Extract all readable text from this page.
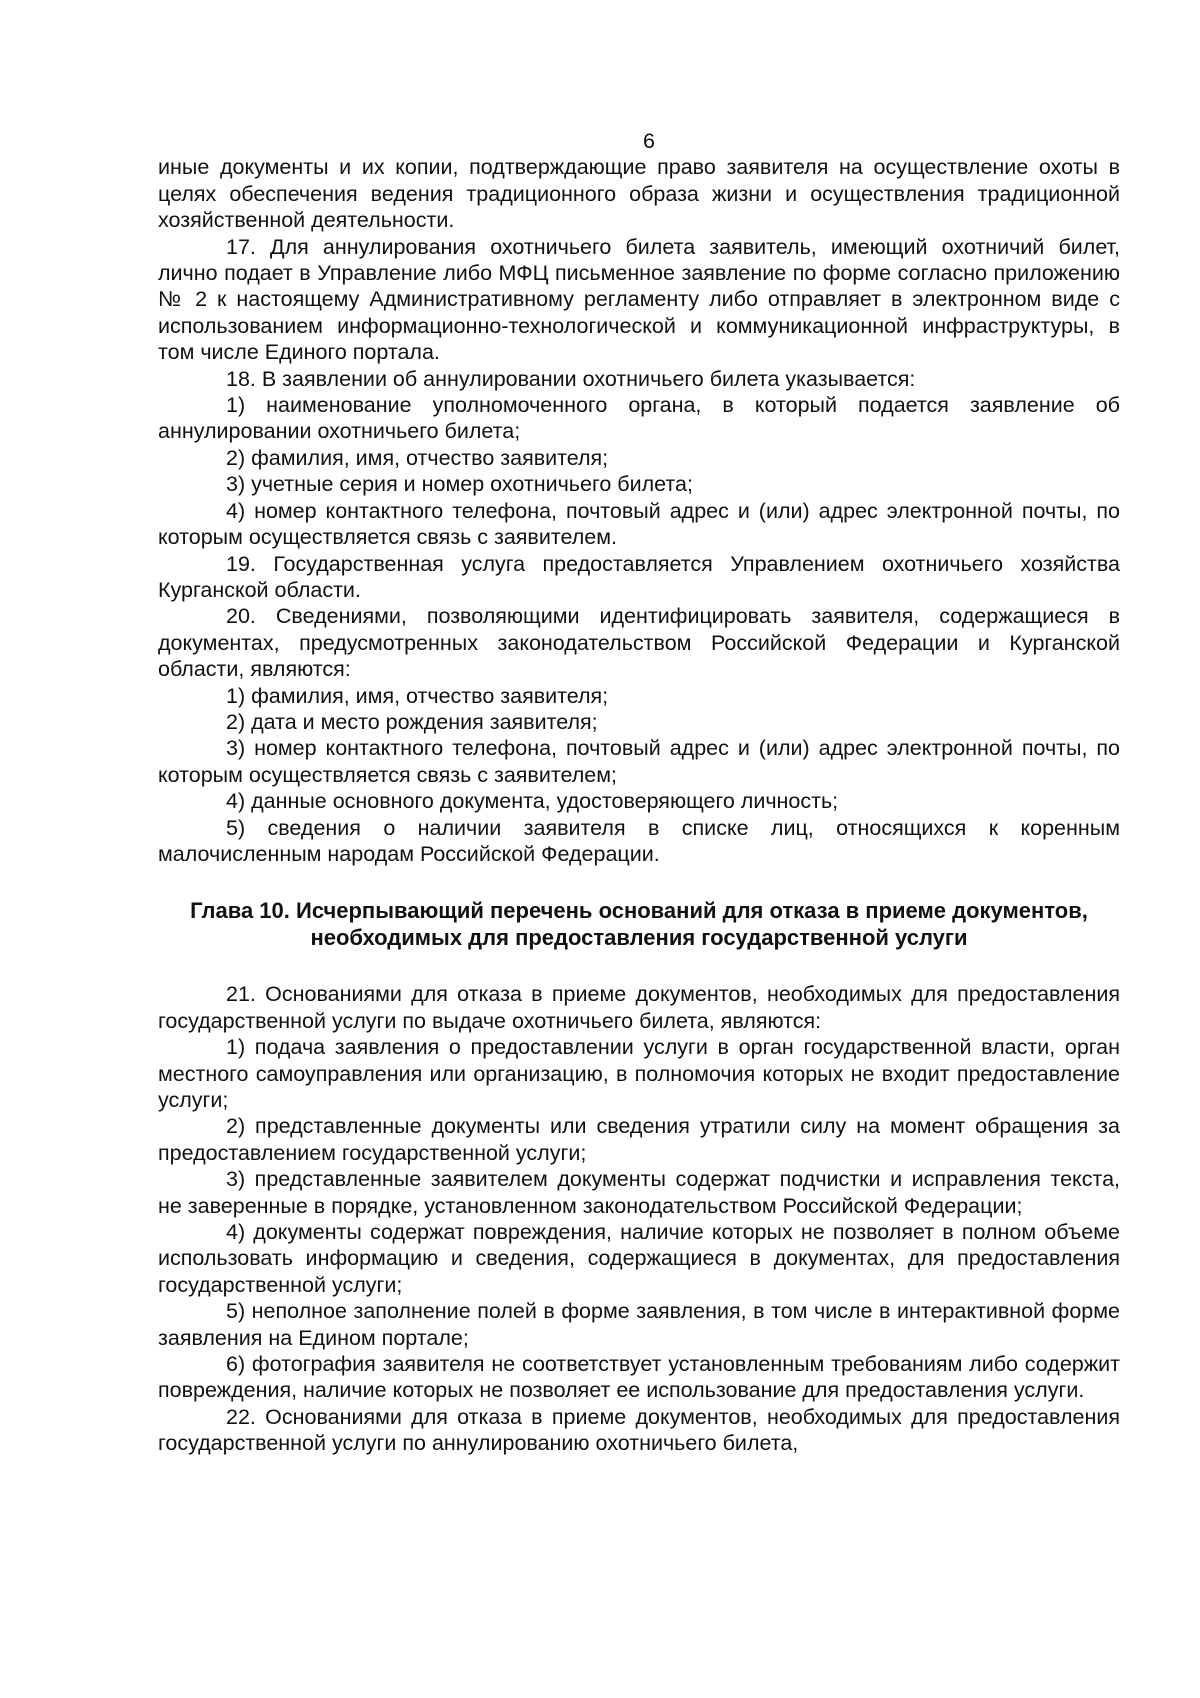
6

иные документы и их копии, подтверждающие право заявителя на осуществление охоты в целях обеспечения ведения традиционного образа жизни и осуществления традиционной хозяйственной деятельности.

17. Для аннулирования охотничьего билета заявитель, имеющий охотничий билет, лично подает в Управление либо МФЦ письменное заявление по форме согласно приложению № 2 к настоящему Административному регламенту либо отправляет в электронном виде с использованием информационно-технологической и коммуникационной инфраструктуры, в том числе Единого портала.

18. В заявлении об аннулировании охотничьего билета указывается:

1) наименование уполномоченного органа, в который подается заявление об аннулировании охотничьего билета;

2) фамилия, имя, отчество заявителя;

3) учетные серия и номер охотничьего билета;

4) номер контактного телефона, почтовый адрес и (или) адрес электронной почты, по которым осуществляется связь с заявителем.

19. Государственная услуга предоставляется Управлением охотничьего хозяйства Курганской области.

20. Сведениями, позволяющими идентифицировать заявителя, содержащиеся в документах, предусмотренных законодательством Российской Федерации и Курганской области, являются:

1) фамилия, имя, отчество заявителя;

2) дата и место рождения заявителя;

3) номер контактного телефона, почтовый адрес и (или) адрес электронной почты, по которым осуществляется связь с заявителем;

4) данные основного документа, удостоверяющего личность;

5) сведения о наличии заявителя в списке лиц, относящихся к коренным малочисленным народам Российской Федерации.

Глава 10. Исчерпывающий перечень оснований для отказа в приеме документов,
необходимых для предоставления государственной услуги

21. Основаниями для отказа в приеме документов, необходимых для предоставления государственной услуги по выдаче охотничьего билета, являются:

1) подача заявления о предоставлении услуги в орган государственной власти, орган местного самоуправления или организацию, в полномочия которых не входит предоставление услуги;

2) представленные документы или сведения утратили силу на момент обращения за предоставлением государственной услуги;

3) представленные заявителем документы содержат подчистки и исправления текста, не заверенные в порядке, установленном законодательством Российской Федерации;

4) документы содержат повреждения, наличие которых не позволяет в полном объеме использовать информацию и сведения, содержащиеся в документах, для предоставления государственной услуги;

5) неполное заполнение полей в форме заявления, в том числе в интерактивной форме заявления на Едином портале;

6) фотография заявителя не соответствует установленным требованиям либо содержит повреждения, наличие которых не позволяет ее использование для предоставления услуги.

22. Основаниями для отказа в приеме документов, необходимых для предоставления государственной услуги по аннулированию охотничьего билета,
